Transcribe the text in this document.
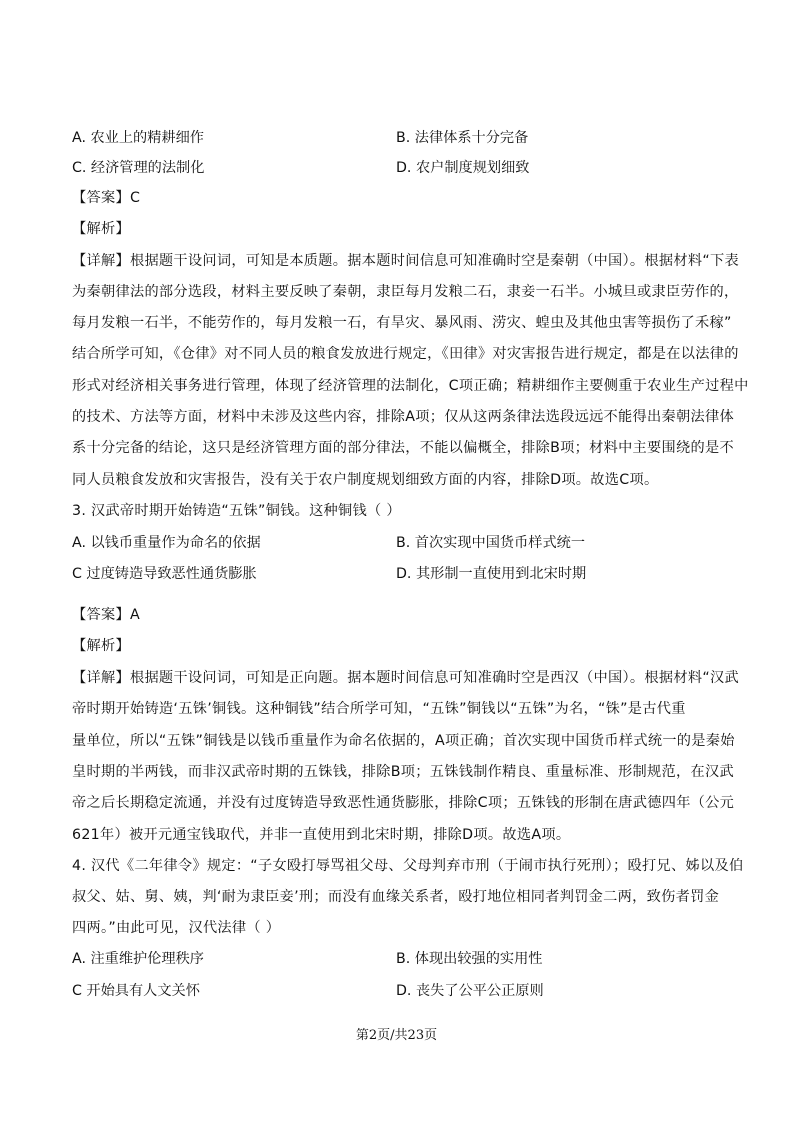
A. 农业上的精耕细作	B. 法律体系十分完备
C. 经济管理的法制化	D. 农户制度规划细致
【答案】C
【解析】
【详解】根据题干设问词，可知是本质题。据本题时间信息可知准确时空是秦朝（中国）。根据材料“下表
为秦朝律法的部分选段，材料主要反映了秦朝，隶臣每月发粮二石，隶妾一石半。小城旦或隶臣劳作的，
每月发粮一石半，不能劳作的，每月发粮一石，有旱灾、暴风雨、涝灾、蝗虫及其他虫害等损伤了禾稼”
结合所学可知，《仓律》对不同人员的粮食发放进行规定，《田律》对灾害报告进行规定，都是在以法律的
形式对经济相关事务进行管理，体现了经济管理的法制化，C项正确；精耕细作主要侧重于农业生产过程中
的技术、方法等方面，材料中未涉及这些内容，排除A项；仅从这两条律法选段远远不能得出秦朝法律体
系十分完备的结论，这只是经济管理方面的部分律法，不能以偏概全，排除B项；材料中主要围绕的是不
同人员粮食发放和灾害报告，没有关于农户制度规划细致方面的内容，排除D项。故选C项。
3. 汉武帝时期开始铸造“五铢”铜钱。这种铜钱（ ）
A. 以钱币重量作为命名的依据	B. 首次实现中国货币样式统一
C 过度铸造导致恶性通货膨胀	D. 其形制一直使用到北宋时期
【答案】A
【解析】
【详解】根据题干设问词，可知是正向题。据本题时间信息可知准确时空是西汉（中国）。根据材料“汉武
帝时期开始铸造‘五铢’铜钱。这种铜钱”结合所学可知，“五铢”铜钱以“五铢”为名，“铢”是古代重
量单位，所以“五铢”铜钱是以钱币重量作为命名依据的，A项正确；首次实现中国货币样式统一的是秦始
皇时期的半两钱，而非汉武帝时期的五铢钱，排除B项；五铢钱制作精良、重量标准、形制规范，在汉武
帝之后长期稳定流通，并没有过度铸造导致恶性通货膨胀，排除C项；五铢钱的形制在唐武德四年（公元
621年）被开元通宝钱取代，并非一直使用到北宋时期，排除D项。故选A项。
4. 汉代《二年律令》规定：“子女殴打辱骂祖父母、父母判弃市刑（于闹市执行死刑）；殴打兄、姊以及伯
叔父、姑、舅、姨，判‘耐为隶臣妾’刑；而没有血缘关系者，殴打地位相同者判罚金二两，致伤者罚金
四两。”由此可见，汉代法律（ ）
A. 注重维护伦理秩序	B. 体现出较强的实用性
C 开始具有人文关怀	D. 丧失了公平公正原则
第2页/共23页
